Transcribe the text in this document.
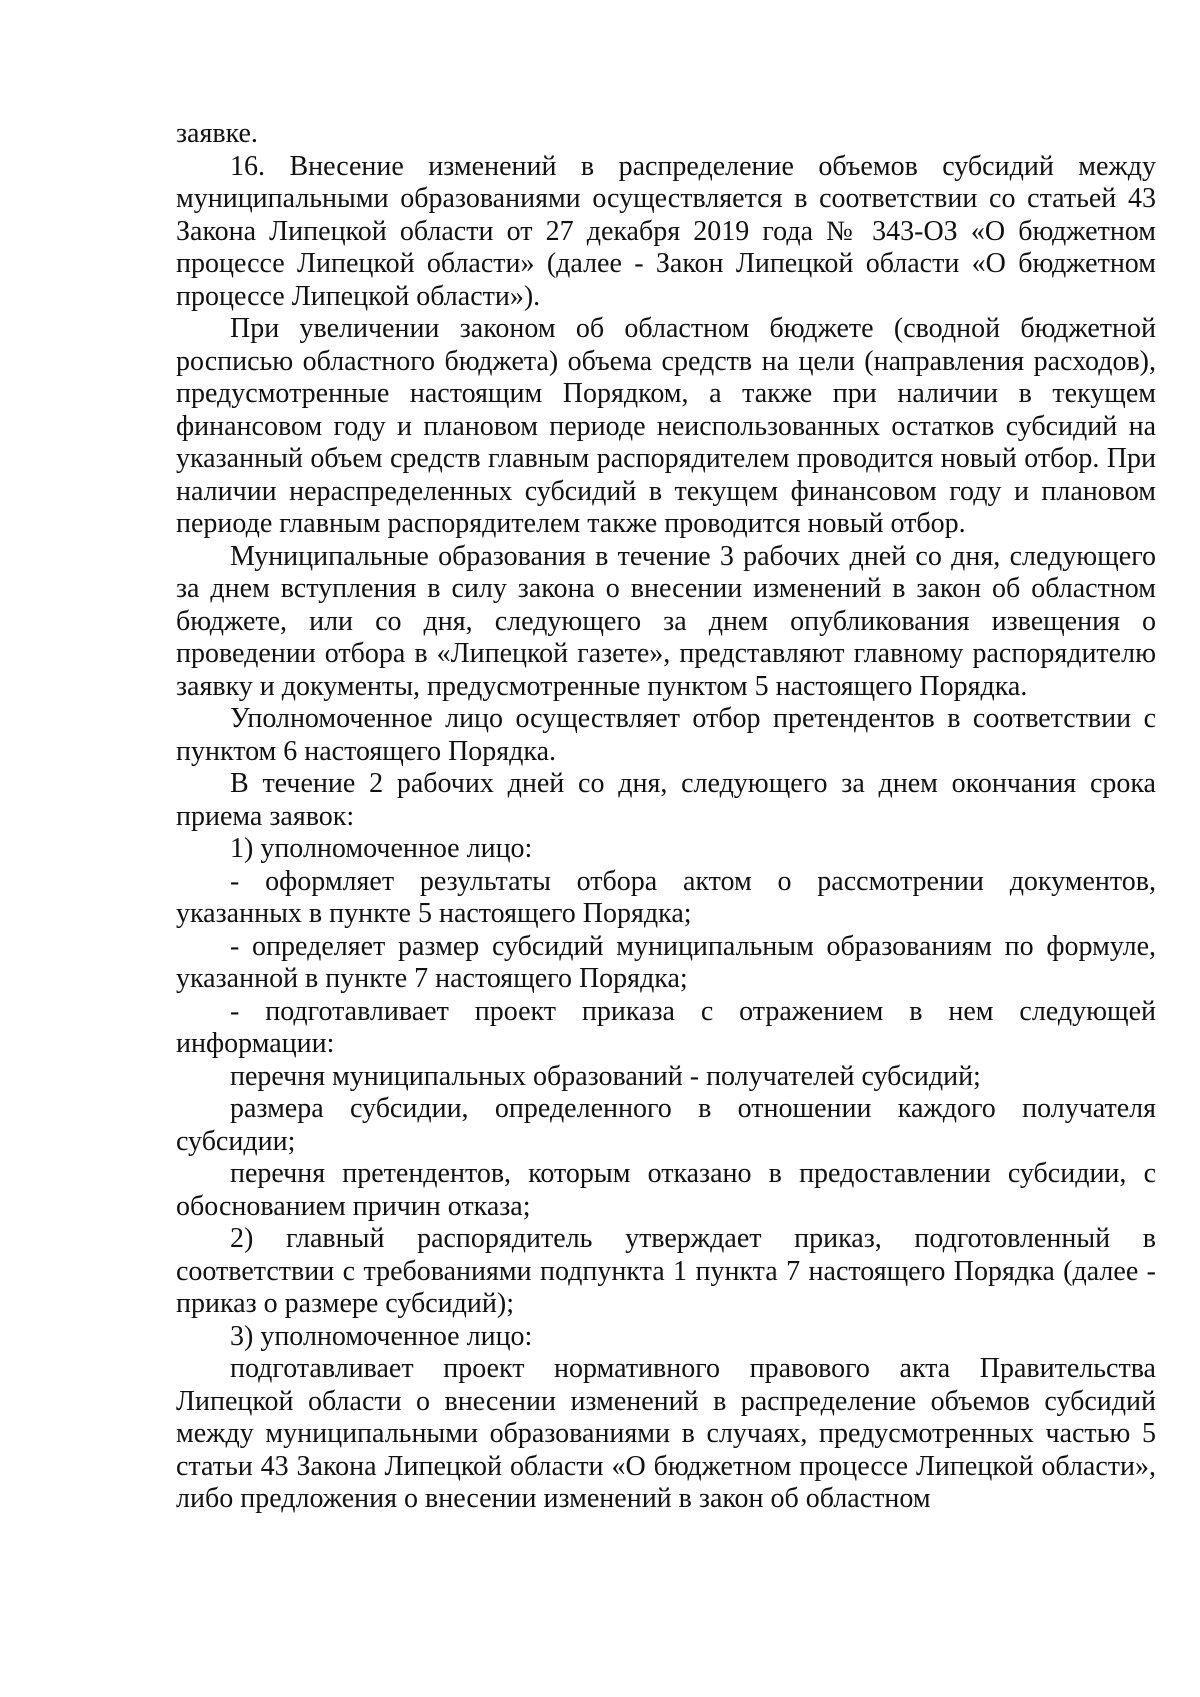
заявке.

16. Внесение изменений в распределение объемов субсидий между муниципальными образованиями осуществляется в соответствии со статьей 43 Закона Липецкой области от 27 декабря 2019 года № 343-ОЗ «О бюджетном процессе Липецкой области» (далее - Закон Липецкой области «О бюджетном процессе Липецкой области»).

При увеличении законом об областном бюджете (сводной бюджетной росписью областного бюджета) объема средств на цели (направления расходов), предусмотренные настоящим Порядком, а также при наличии в текущем финансовом году и плановом периоде неиспользованных остатков субсидий на указанный объем средств главным распорядителем проводится новый отбор. При наличии нераспределенных субсидий в текущем финансовом году и плановом периоде главным распорядителем также проводится новый отбор.

Муниципальные образования в течение 3 рабочих дней со дня, следующего за днем вступления в силу закона о внесении изменений в закон об областном бюджете, или со дня, следующего за днем опубликования извещения о проведении отбора в «Липецкой газете», представляют главному распорядителю заявку и документы, предусмотренные пунктом 5 настоящего Порядка.

Уполномоченное лицо осуществляет отбор претендентов в соответствии с пунктом 6 настоящего Порядка.

В течение 2 рабочих дней со дня, следующего за днем окончания срока приема заявок:

1) уполномоченное лицо:

- оформляет результаты отбора актом о рассмотрении документов, указанных в пункте 5 настоящего Порядка;

- определяет размер субсидий муниципальным образованиям по формуле, указанной в пункте 7 настоящего Порядка;

- подготавливает проект приказа с отражением в нем следующей информации:

перечня муниципальных образований - получателей субсидий;

размера субсидии, определенного в отношении каждого получателя субсидии;

перечня претендентов, которым отказано в предоставлении субсидии, с обоснованием причин отказа;

2) главный распорядитель утверждает приказ, подготовленный в соответствии с требованиями подпункта 1 пункта 7 настоящего Порядка (далее - приказ о размере субсидий);

3) уполномоченное лицо:

подготавливает проект нормативного правового акта Правительства Липецкой области о внесении изменений в распределение объемов субсидий между муниципальными образованиями в случаях, предусмотренных частью 5 статьи 43 Закона Липецкой области «О бюджетном процессе Липецкой области», либо предложения о внесении изменений в закон об областном
